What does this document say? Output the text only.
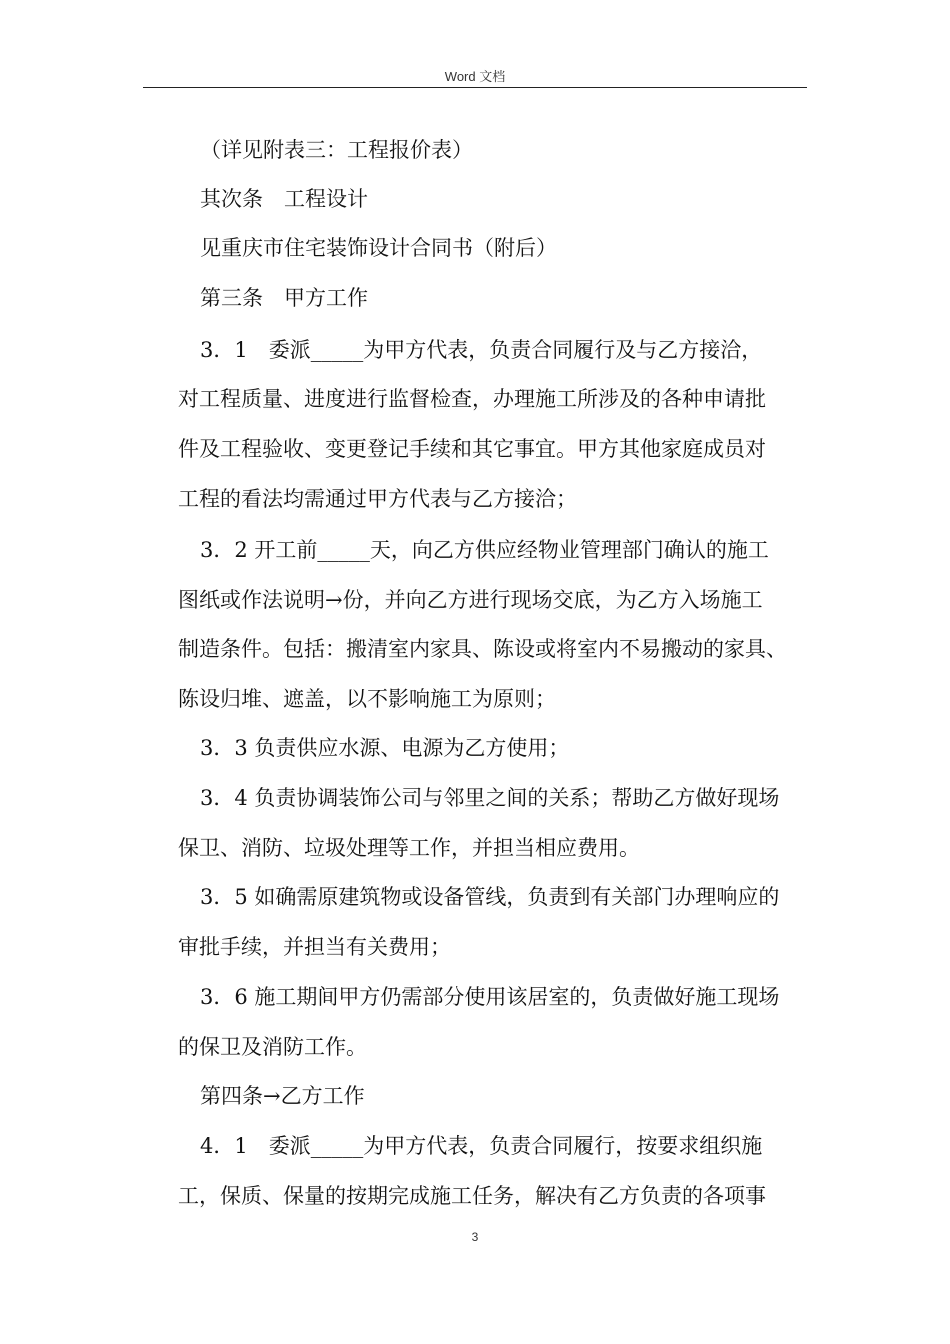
Word 文档
（详见附表三：工程报价表）
其次条　工程设计
见重庆市住宅装饰设计合同书（附后）
第三条　甲方工作
3．1　委派_____为甲方代表，负责合同履行及与乙方接洽，
对工程质量、进度进行监督检查，办理施工所涉及的各种申请批
件及工程验收、变更登记手续和其它事宜。甲方其他家庭成员对
工程的看法均需通过甲方代表与乙方接洽；
3．2 开工前_____天，向乙方供应经物业管理部门确认的施工
图纸或作法说明→份，并向乙方进行现场交底，为乙方入场施工
制造条件。包括：搬清室内家具、陈设或将室内不易搬动的家具、
陈设归堆、遮盖，以不影响施工为原则；
3．3 负责供应水源、电源为乙方使用；
3．4 负责协调装饰公司与邻里之间的关系；帮助乙方做好现场
保卫、消防、垃圾处理等工作，并担当相应费用。
3．5 如确需原建筑物或设备管线，负责到有关部门办理响应的
审批手续，并担当有关费用；
3．6 施工期间甲方仍需部分使用该居室的，负责做好施工现场
的保卫及消防工作。
第四条→乙方工作
4．1　委派_____为甲方代表，负责合同履行，按要求组织施
工，保质、保量的按期完成施工任务，解决有乙方负责的各项事
3
